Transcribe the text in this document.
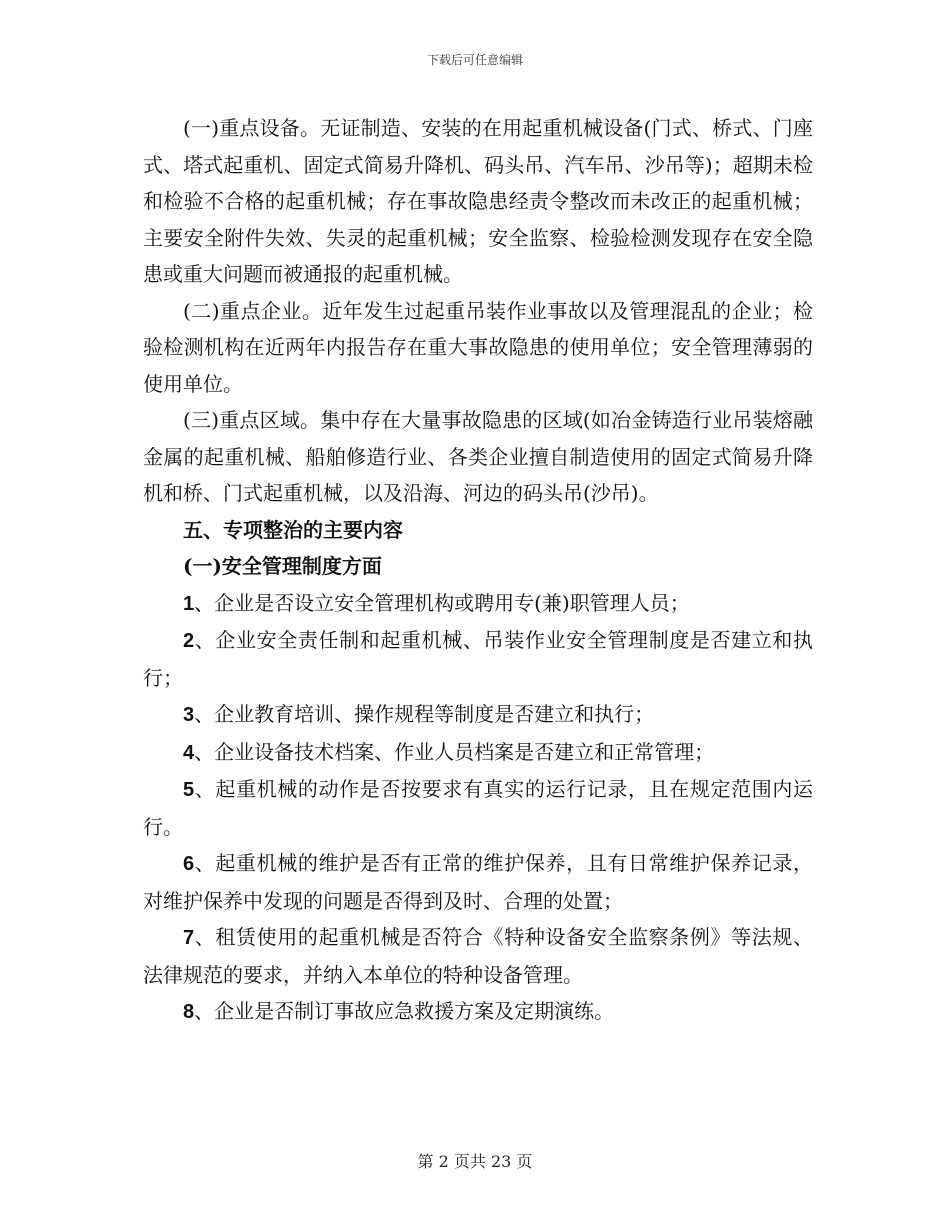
下载后可任意编辑

(一)重点设备。无证制造、安装的在用起重机械设备(门式、桥式、门座式、塔式起重机、固定式简易升降机、码头吊、汽车吊、沙吊等)；超期未检和检验不合格的起重机械；存在事故隐患经责令整改而未改正的起重机械；主要安全附件失效、失灵的起重机械；安全监察、检验检测发现存在安全隐患或重大问题而被通报的起重机械。

(二)重点企业。近年发生过起重吊装作业事故以及管理混乱的企业；检验检测机构在近两年内报告存在重大事故隐患的使用单位；安全管理薄弱的使用单位。

(三)重点区域。集中存在大量事故隐患的区域(如冶金铸造行业吊装熔融金属的起重机械、船舶修造行业、各类企业擅自制造使用的固定式简易升降机和桥、门式起重机械，以及沿海、河边的码头吊(沙吊)。

五、专项整治的主要内容

(一)安全管理制度方面

1、企业是否设立安全管理机构或聘用专(兼)职管理人员；

2、企业安全责任制和起重机械、吊装作业安全管理制度是否建立和执行；

3、企业教育培训、操作规程等制度是否建立和执行；

4、企业设备技术档案、作业人员档案是否建立和正常管理；

5、起重机械的动作是否按要求有真实的运行记录，且在规定范围内运行。

6、起重机械的维护是否有正常的维护保养，且有日常维护保养记录，对维护保养中发现的问题是否得到及时、合理的处置；

7、租赁使用的起重机械是否符合《特种设备安全监察条例》等法规、法律规范的要求，并纳入本单位的特种设备管理。

8、企业是否制订事故应急救援方案及定期演练。

第 2 页共 23 页
